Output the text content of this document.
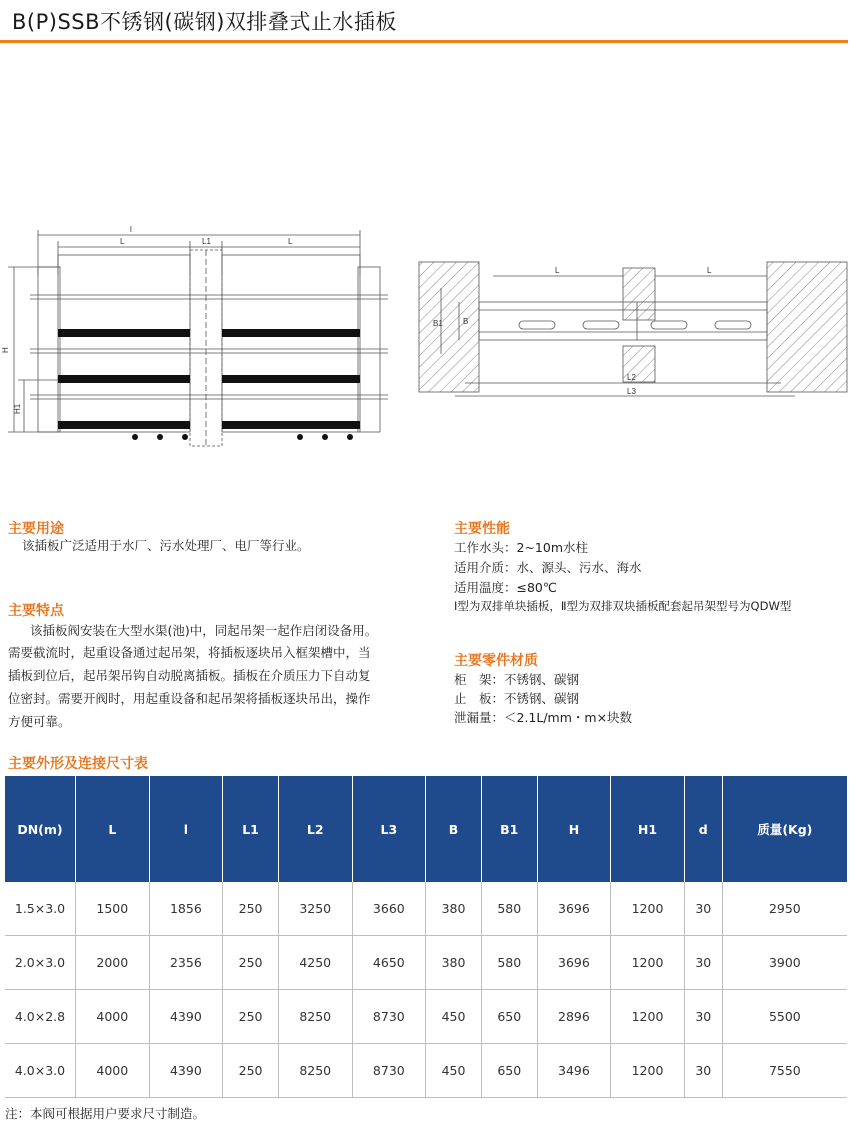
B(P)SSB不锈钢(碳钢)双排叠式止水插板
l
L	L1	L
H
H1
L	L
L2
L3
B1	B
主要用途
该插板广泛适用于水厂、污水处理厂、电厂等行业。
主要特点
该插板阀安装在大型水渠(池)中，同起吊架一起作启闭设备用。
需要截流时，起重设备通过起吊架，将插板逐块吊入框架槽中，当
插板到位后，起吊架吊钩自动脱离插板。插板在介质压力下自动复
位密封。需要开阀时，用起重设备和起吊架将插板逐块吊出，操作
方便可靠。
主要性能
工作水头：2~10m水柱
适用介质：水、源头、污水、海水
适用温度：≤80℃
Ⅰ型为双排单块插板，Ⅱ型为双排双块插板配套起吊架型号为QDW型
主要零件材质
柜　架：不锈钢、碳钢
止　板：不锈钢、碳钢
泄漏量：＜2.1L/mm・m×块数
主要外形及连接尺寸表
DN(m)	L	l	L1	L2	L3	B	B1	H	H1	d	质量(Kg)
1.5×3.0	1500	1856	250	3250	3660	380	580	3696	1200	30	2950
2.0×3.0	2000	2356	250	4250	4650	380	580	3696	1200	30	3900
4.0×2.8	4000	4390	250	8250	8730	450	650	2896	1200	30	5500
4.0×3.0	4000	4390	250	8250	8730	450	650	3496	1200	30	7550
注：本阀可根据用户要求尺寸制造。
